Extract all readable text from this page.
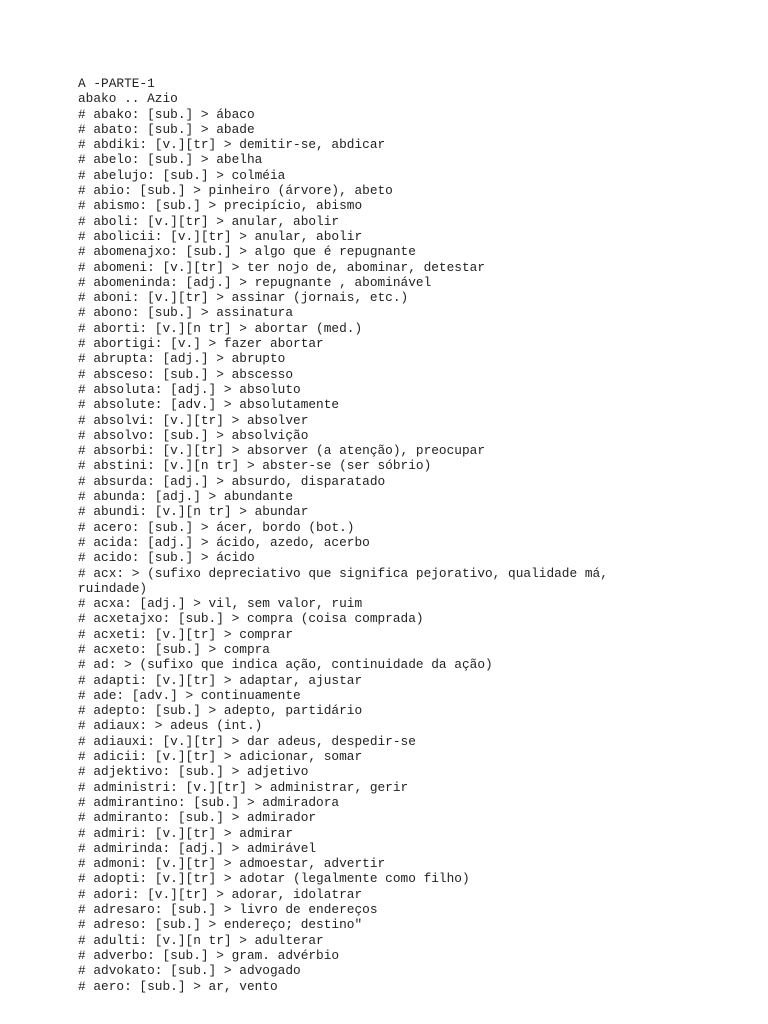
A -PARTE-1
abako .. Azio
# abako: [sub.] > ábaco
# abato: [sub.] > abade
# abdiki: [v.][tr] > demitir-se, abdicar
# abelo: [sub.] > abelha
# abelujo: [sub.] > colméia
# abio: [sub.] > pinheiro (árvore), abeto
# abismo: [sub.] > precipício, abismo
# aboli: [v.][tr] > anular, abolir
# abolicii: [v.][tr] > anular, abolir
# abomenajxo: [sub.] > algo que é repugnante
# abomeni: [v.][tr] > ter nojo de, abominar, detestar
# abomeninda: [adj.] > repugnante , abominável
# aboni: [v.][tr] > assinar (jornais, etc.)
# abono: [sub.] > assinatura
# aborti: [v.][n tr] > abortar (med.)
# abortigi: [v.] > fazer abortar
# abrupta: [adj.] > abrupto
# absceso: [sub.] > abscesso
# absoluta: [adj.] > absoluto
# absolute: [adv.] > absolutamente
# absolvi: [v.][tr] > absolver
# absolvo: [sub.] > absolvição
# absorbi: [v.][tr] > absorver (a atenção), preocupar
# abstini: [v.][n tr] > abster-se (ser sóbrio)
# absurda: [adj.] > absurdo, disparatado
# abunda: [adj.] > abundante
# abundi: [v.][n tr] > abundar
# acero: [sub.] > ácer, bordo (bot.)
# acida: [adj.] > ácido, azedo, acerbo
# acido: [sub.] > ácido
# acx: > (sufixo depreciativo que significa pejorativo, qualidade má, ruindade)
# acxa: [adj.] > vil, sem valor, ruim
# acxetajxo: [sub.] > compra (coisa comprada)
# acxeti: [v.][tr] > comprar
# acxeto: [sub.] > compra
# ad: > (sufixo que indica ação, continuidade da ação)
# adapti: [v.][tr] > adaptar, ajustar
# ade: [adv.] > continuamente
# adepto: [sub.] > adepto, partidário
# adiaux: > adeus (int.)
# adiauxi: [v.][tr] > dar adeus, despedir-se
# adicii: [v.][tr] > adicionar, somar
# adjektivo: [sub.] > adjetivo
# administri: [v.][tr] > administrar, gerir
# admirantino: [sub.] > admiradora
# admiranto: [sub.] > admirador
# admiri: [v.][tr] > admirar
# admirinda: [adj.] > admirável
# admoni: [v.][tr] > admoestar, advertir
# adopti: [v.][tr] > adotar (legalmente como filho)
# adori: [v.][tr] > adorar, idolatrar
# adresaro: [sub.] > livro de endereços
# adreso: [sub.] > endereço; destino"
# adulti: [v.][n tr] > adulterar
# adverbo: [sub.] > gram. advérbio
# advokato: [sub.] > advogado
# aero: [sub.] > ar, vento
